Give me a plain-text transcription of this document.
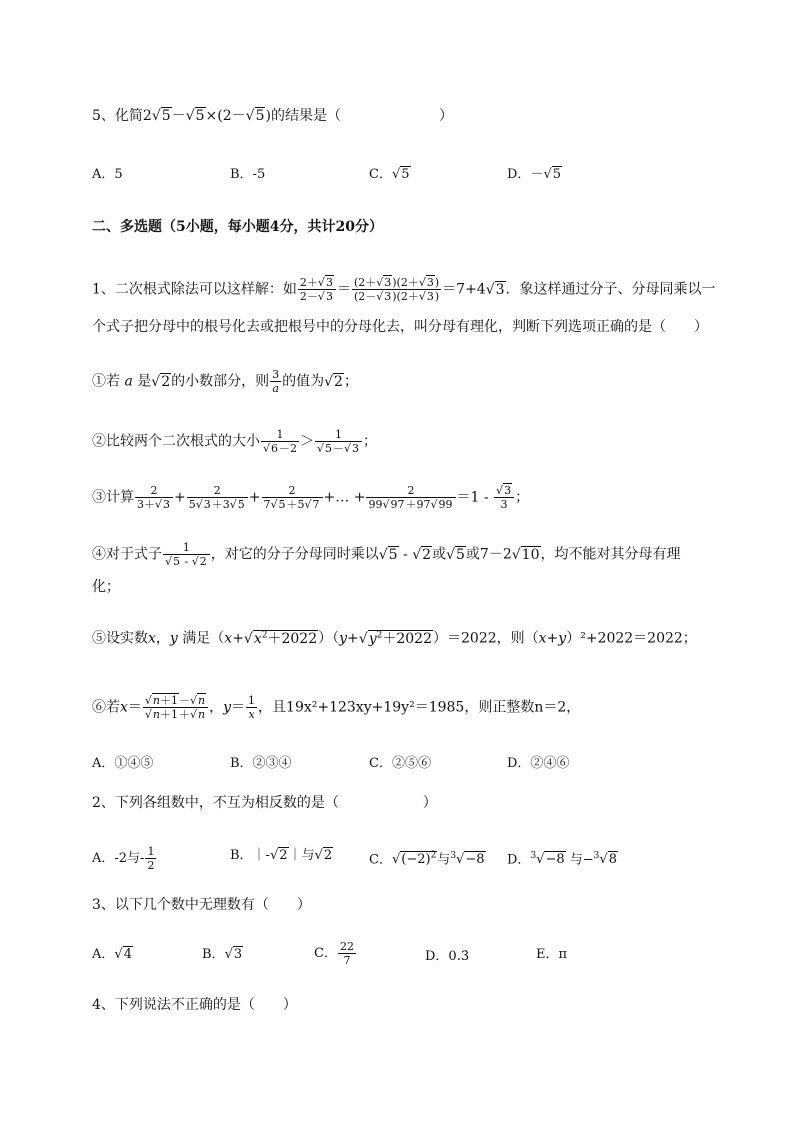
5、化简2√ 5－√ 5×(2－√ 5)的结果是（　　　　　　　）
A．5	B．-5	C．√ 5	D．－√ 5
二、多选题（5小题，每小题4分，共计20分）
1、二次根式除法可以这样解：如 $\frac{2+√ 3}{2-√ 3} = \frac{(2+√ 3)(2+√ 3)}{(2-√ 3)(2+√ 3)} =7+4√$ 3．象这样通过分子、分母同乘以一
个式子把分母中的根号化去或把根号中的分母化去，叫分母有理化，判断下列选项正确的是（　　）
①若 a 是√ 2的小数部分，则 $\frac{3}{a}$ 的值为√ 2；
②比较两个二次根式的大小 1
√ 6－2 ＞ 1
√ 5－√ 3 ；
③计算 $\frac{2}{3+√ 3} + \frac{2}{5√ 3+3√ 5} + \frac{2}{7√ 5+5√ 7}$ +… + $\frac{2}{99√ 97+97√ 99} =1$ -
√ $\frac{3}{3}$ ；
④对于式子 1
√ 5 - √ 2 ，对它的分子分母同时乘以√ 5 - √ 2或√ 5或7－2√ 10，均不能对其分母有理
化；
⑤设实数x，y 满足（x+√ $x^2+2022)(y+√$ $y^2+2022)=2022$，则（x+y）²+2022＝2022；
⑥若x＝
√ n＋1－√ n
√ n＋1＋√ n ，$y= \frac{1}{x}$ ，且19x²+123xy+19y²＝1985，则正整数n＝2，
A．①④⑤	B．②③④	C．②⑤⑥	D．②④⑥
2、下列各组数中，不互为相反数的是（　　　　　　）
A．-2与- $\frac{1}{2}$	B．｜-√ 2｜与√ 2	C．√ $(-2)^2$与$^3$√ −8 D．$^3$√ −8 与−$^3$√ 8
3、以下几个数中无理数有（　　）
A．√ 4	B．√ 3	C． $\frac{22}{7}$	D．0.3̇	E．π
4、下列说法不正确的是（　　）
